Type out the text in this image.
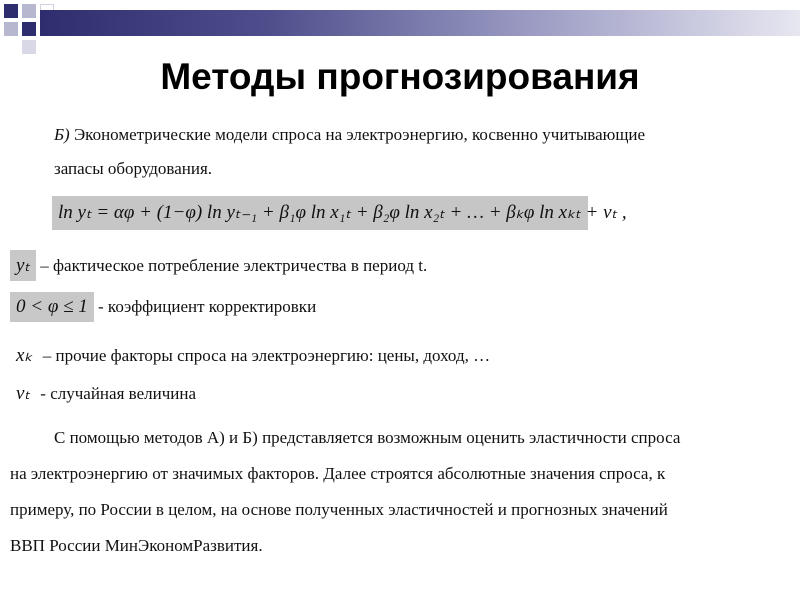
Методы прогнозирования
Б) Эконометрические модели спроса на электроэнергию, косвенно учитывающие
запасы оборудования.
ln yₜ = αφ + (1−φ) ln yₜ₋₁ + β₁φ ln x₁ₜ + β₂φ ln x₂ₜ + … + βₖφ ln xₖₜ + νₜ ,
yₜ – фактическое потребление электричества в период t.
0 < φ ≤ 1 - коэффициент корректировки
xₖ – прочие факторы спроса на электроэнергию: цены, доход, …
νₜ - случайная величина

С помощью методов А) и Б) представляется возможным оценить эластичности спроса

на электроэнергию от значимых факторов. Далее строятся абсолютные значения спроса, к

примеру, по России в целом, на основе полученных эластичностей и прогнозных значений

ВВП России МинЭкономРазвития.
